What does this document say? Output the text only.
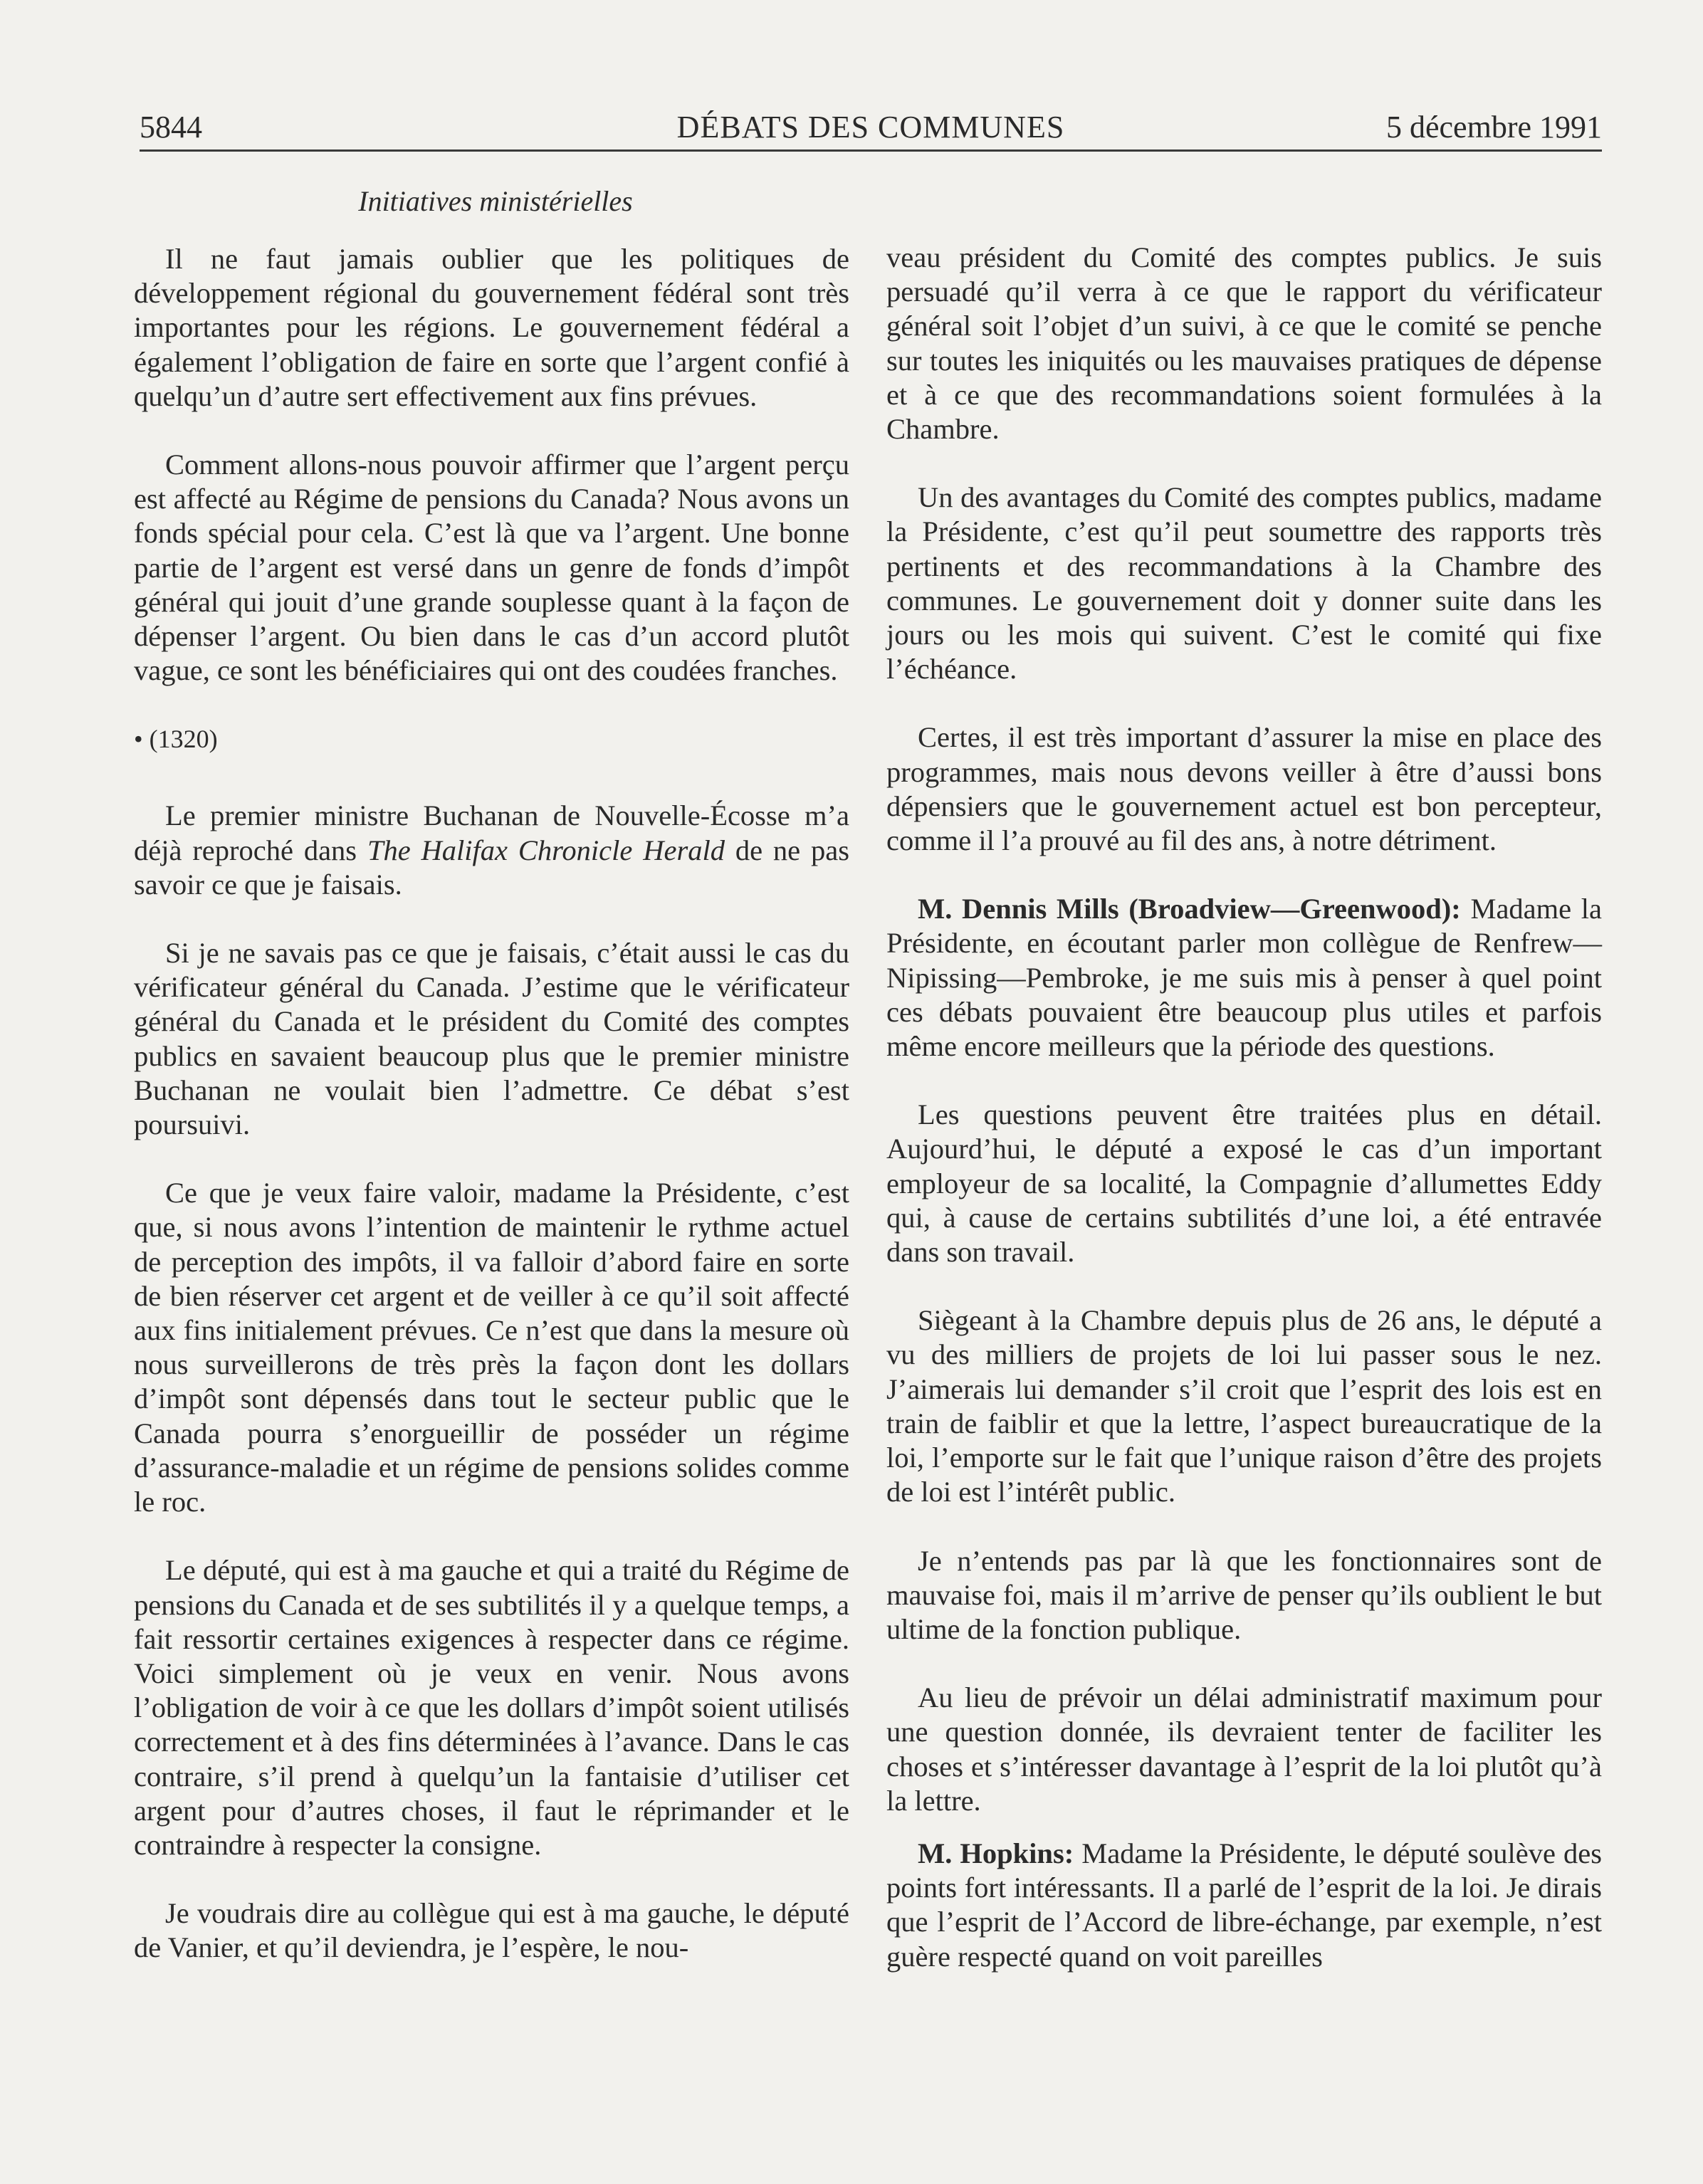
5844	DÉBATS DES COMMUNES	5 décembre 1991
Initiatives ministérielles

Il ne faut jamais oublier que les politiques de développement régional du gouvernement fédéral sont très importantes pour les régions. Le gouvernement fédéral a également l’obligation de faire en sorte que l’argent confié à quelqu’un d’autre sert effectivement aux fins prévues.

Comment allons-nous pouvoir affirmer que l’argent perçu est affecté au Régime de pensions du Canada? Nous avons un fonds spécial pour cela. C’est là que va l’argent. Une bonne partie de l’argent est versé dans un genre de fonds d’impôt général qui jouit d’une grande souplesse quant à la façon de dépenser l’argent. Ou bien dans le cas d’un accord plutôt vague, ce sont les bénéficiaires qui ont des coudées franches.

• (1320)

Le premier ministre Buchanan de Nouvelle-Écosse m’a déjà reproché dans The Halifax Chronicle Herald de ne pas savoir ce que je faisais.

Si je ne savais pas ce que je faisais, c’était aussi le cas du vérificateur général du Canada. J’estime que le vérificateur général du Canada et le président du Comité des comptes publics en savaient beaucoup plus que le premier ministre Buchanan ne voulait bien l’admettre. Ce débat s’est poursuivi.

Ce que je veux faire valoir, madame la Présidente, c’est que, si nous avons l’intention de maintenir le rythme actuel de perception des impôts, il va falloir d’abord faire en sorte de bien réserver cet argent et de veiller à ce qu’il soit affecté aux fins initialement prévues. Ce n’est que dans la mesure où nous surveillerons de très près la façon dont les dollars d’impôt sont dépensés dans tout le secteur public que le Canada pourra s’enorgueillir de posséder un régime d’assurance-maladie et un régime de pensions solides comme le roc.

Le député, qui est à ma gauche et qui a traité du Régime de pensions du Canada et de ses subtilités il y a quelque temps, a fait ressortir certaines exigences à respecter dans ce régime. Voici simplement où je veux en venir. Nous avons l’obligation de voir à ce que les dollars d’impôt soient utilisés correctement et à des fins déterminées à l’avance. Dans le cas contraire, s’il prend à quelqu’un la fantaisie d’utiliser cet argent pour d’autres choses, il faut le réprimander et le contraindre à respecter la consigne.

Je voudrais dire au collègue qui est à ma gauche, le député de Vanier, et qu’il deviendra, je l’espère, le nou-

veau président du Comité des comptes publics. Je suis persuadé qu’il verra à ce que le rapport du vérificateur général soit l’objet d’un suivi, à ce que le comité se penche sur toutes les iniquités ou les mauvaises pratiques de dépense et à ce que des recommandations soient formulées à la Chambre.

Un des avantages du Comité des comptes publics, madame la Présidente, c’est qu’il peut soumettre des rapports très pertinents et des recommandations à la Chambre des communes. Le gouvernement doit y donner suite dans les jours ou les mois qui suivent. C’est le comité qui fixe l’échéance.

Certes, il est très important d’assurer la mise en place des programmes, mais nous devons veiller à être d’aussi bons dépensiers que le gouvernement actuel est bon percepteur, comme il l’a prouvé au fil des ans, à notre détriment.

M. Dennis Mills (Broadview—Greenwood): Madame la Présidente, en écoutant parler mon collègue de Renfrew—Nipissing—Pembroke, je me suis mis à penser à quel point ces débats pouvaient être beaucoup plus utiles et parfois même encore meilleurs que la période des questions.

Les questions peuvent être traitées plus en détail. Aujourd’hui, le député a exposé le cas d’un important employeur de sa localité, la Compagnie d’allumettes Eddy qui, à cause de certains subtilités d’une loi, a été entravée dans son travail.

Siègeant à la Chambre depuis plus de 26 ans, le député a vu des milliers de projets de loi lui passer sous le nez. J’aimerais lui demander s’il croit que l’esprit des lois est en train de faiblir et que la lettre, l’aspect bureaucratique de la loi, l’emporte sur le fait que l’unique raison d’être des projets de loi est l’intérêt public.

Je n’entends pas par là que les fonctionnaires sont de mauvaise foi, mais il m’arrive de penser qu’ils oublient le but ultime de la fonction publique.

Au lieu de prévoir un délai administratif maximum pour une question donnée, ils devraient tenter de faciliter les choses et s’intéresser davantage à l’esprit de la loi plutôt qu’à la lettre.

M. Hopkins: Madame la Présidente, le député soulève des points fort intéressants. Il a parlé de l’esprit de la loi. Je dirais que l’esprit de l’Accord de libre-échange, par exemple, n’est guère respecté quand on voit pareilles
